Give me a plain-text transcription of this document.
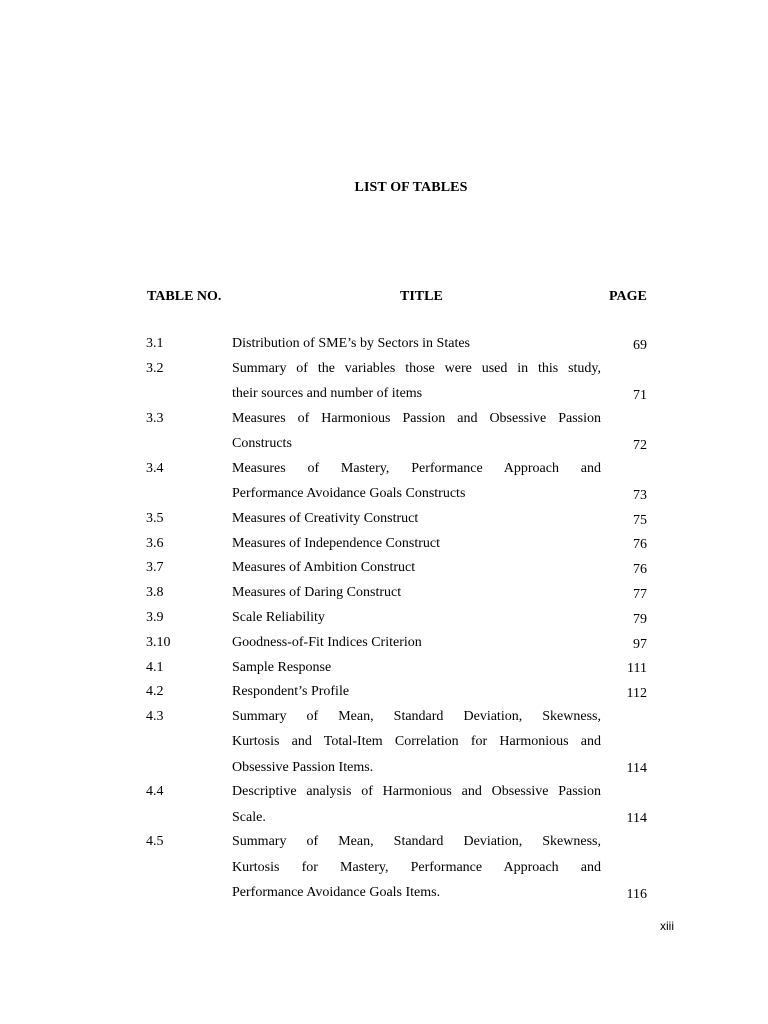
LIST OF TABLES
TABLE NO.	TITLE	PAGE
3.1	Distribution of SME’s by Sectors in States	69
3.2	Summary of the variables those were used in this study,
their sources and number of items	71
3.3	Measures of Harmonious Passion and Obsessive Passion
Constructs	72
3.4	Measures of Mastery, Performance Approach and
Performance Avoidance Goals Constructs	73
3.5	Measures of Creativity Construct	75
3.6	Measures of Independence Construct	76
3.7	Measures of Ambition Construct	76
3.8	Measures of Daring Construct	77
3.9	Scale Reliability	79
3.10	Goodness-of-Fit Indices Criterion	97
4.1	Sample Response	111
4.2	Respondent’s Profile	112
4.3	Summary of Mean, Standard Deviation, Skewness,
Kurtosis and Total-Item Correlation for Harmonious and
Obsessive Passion Items.	114
4.4	Descriptive analysis of Harmonious and Obsessive Passion
Scale.	114
4.5	Summary of Mean, Standard Deviation, Skewness,
Kurtosis for Mastery, Performance Approach and
Performance Avoidance Goals Items.	116
xiii
